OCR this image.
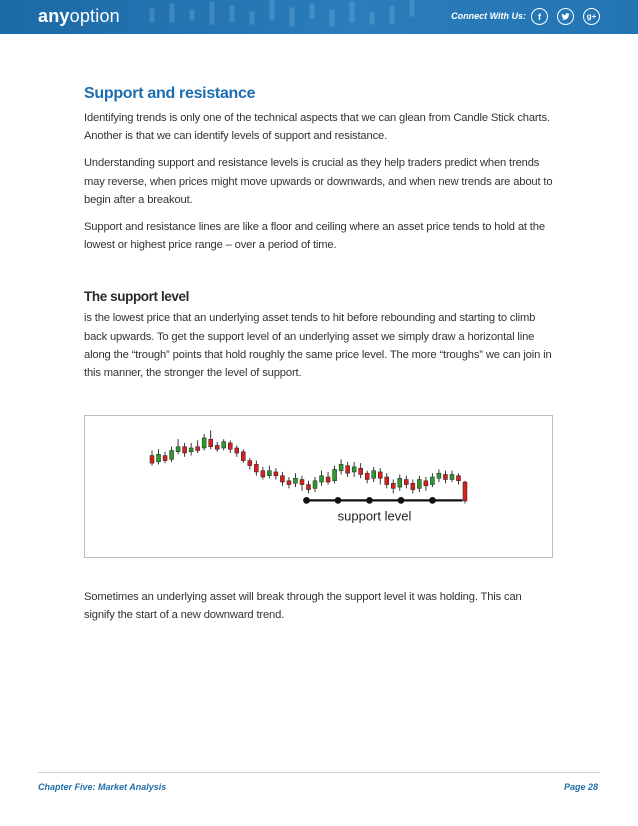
anyoption	Connect With Us: f	g+
Support and resistance

Identifying trends is only one of the technical aspects that we can glean from Candle Stick charts. Another is that we can identify levels of support and resistance.

Understanding support and resistance levels is crucial as they help traders predict when trends may reverse, when prices might move upwards or downwards, and when new trends are about to begin after a breakout.

Support and resistance lines are like a floor and ceiling where an asset price tends to hold at the lowest or highest price range – over a period of time.

The support level

is the lowest price that an underlying asset tends to hit before rebounding and starting to climb back upwards. To get the support level of an underlying asset we simply draw a horizontal line along the “trough” points that hold roughly the same price level. The more “troughs” we can join in this manner, the stronger the level of support.

support level

Sometimes an underlying asset will break through the support level it was holding. This can signify the start of a new downward trend.

Chapter Five: Market Analysis	Page 28
